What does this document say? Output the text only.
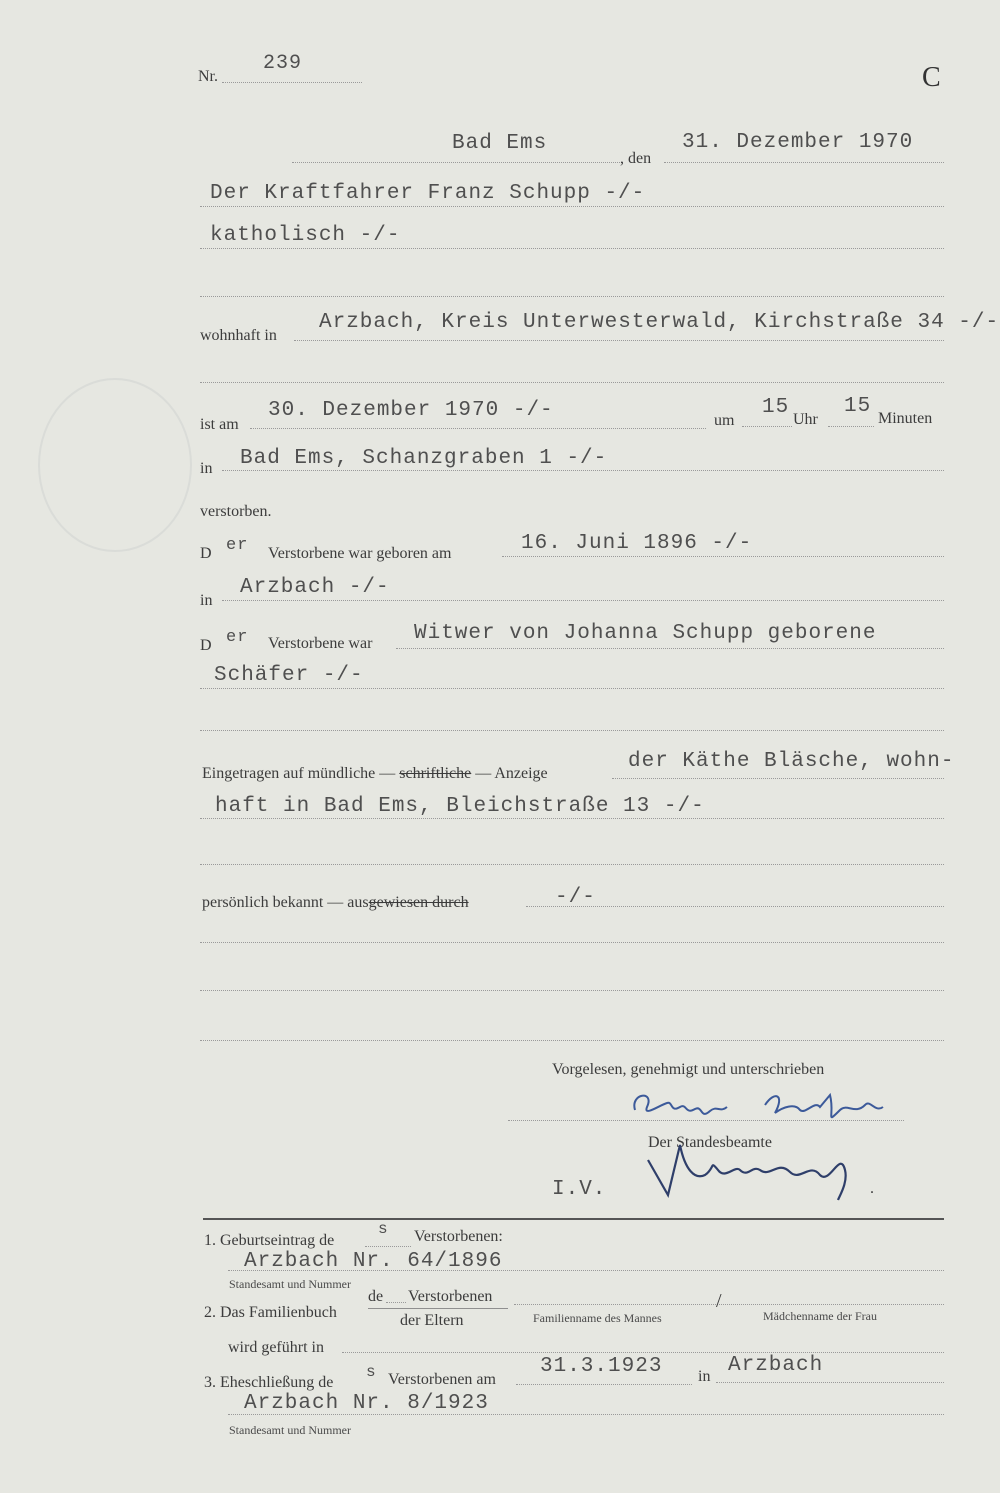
Nr.
239	C
Bad Ems
, den
31. Dezember 1970
Der Kraftfahrer Franz Schupp -/-
katholisch -/-
wohnhaft in
Arzbach, Kreis Unterwesterwald, Kirchstraße 34 -/-
ist am
30. Dezember 1970 -/-	um
15
Uhr
15
Minuten
in Bad Ems, Schanzgraben 1 -/-
verstorben.
D er Verstorbene war geboren am	16. Juni 1896 -/-
in
Arzbach -/-
D er Verstorbene war Witwer von Johanna Schupp geborene
Schäfer -/-
Eingetragen auf mündliche — schriftliche — Anzeige
der Käthe Bläsche, wohn-
haft in Bad Ems, Bleichstraße 13 -/-
persönlich bekannt — ausgewiesen durch	-/-
Vorgelesen, genehmigt und unterschrieben
Der Standesbeamte
I.V.	.
1. Geburtseintrag de
s Verstorbenen:
Arzbach Nr. 64/1896
Standesamt und Nummer
2. Das Familienbuch
de Verstorbenen
der Eltern
/
Familienname des Mannes	Mädchenname der Frau
wird geführt in
3. Eheschließung de
s Verstorbenen am
31.3.1923 in Arzbach
Arzbach Nr. 8/1923
Standesamt und Nummer
